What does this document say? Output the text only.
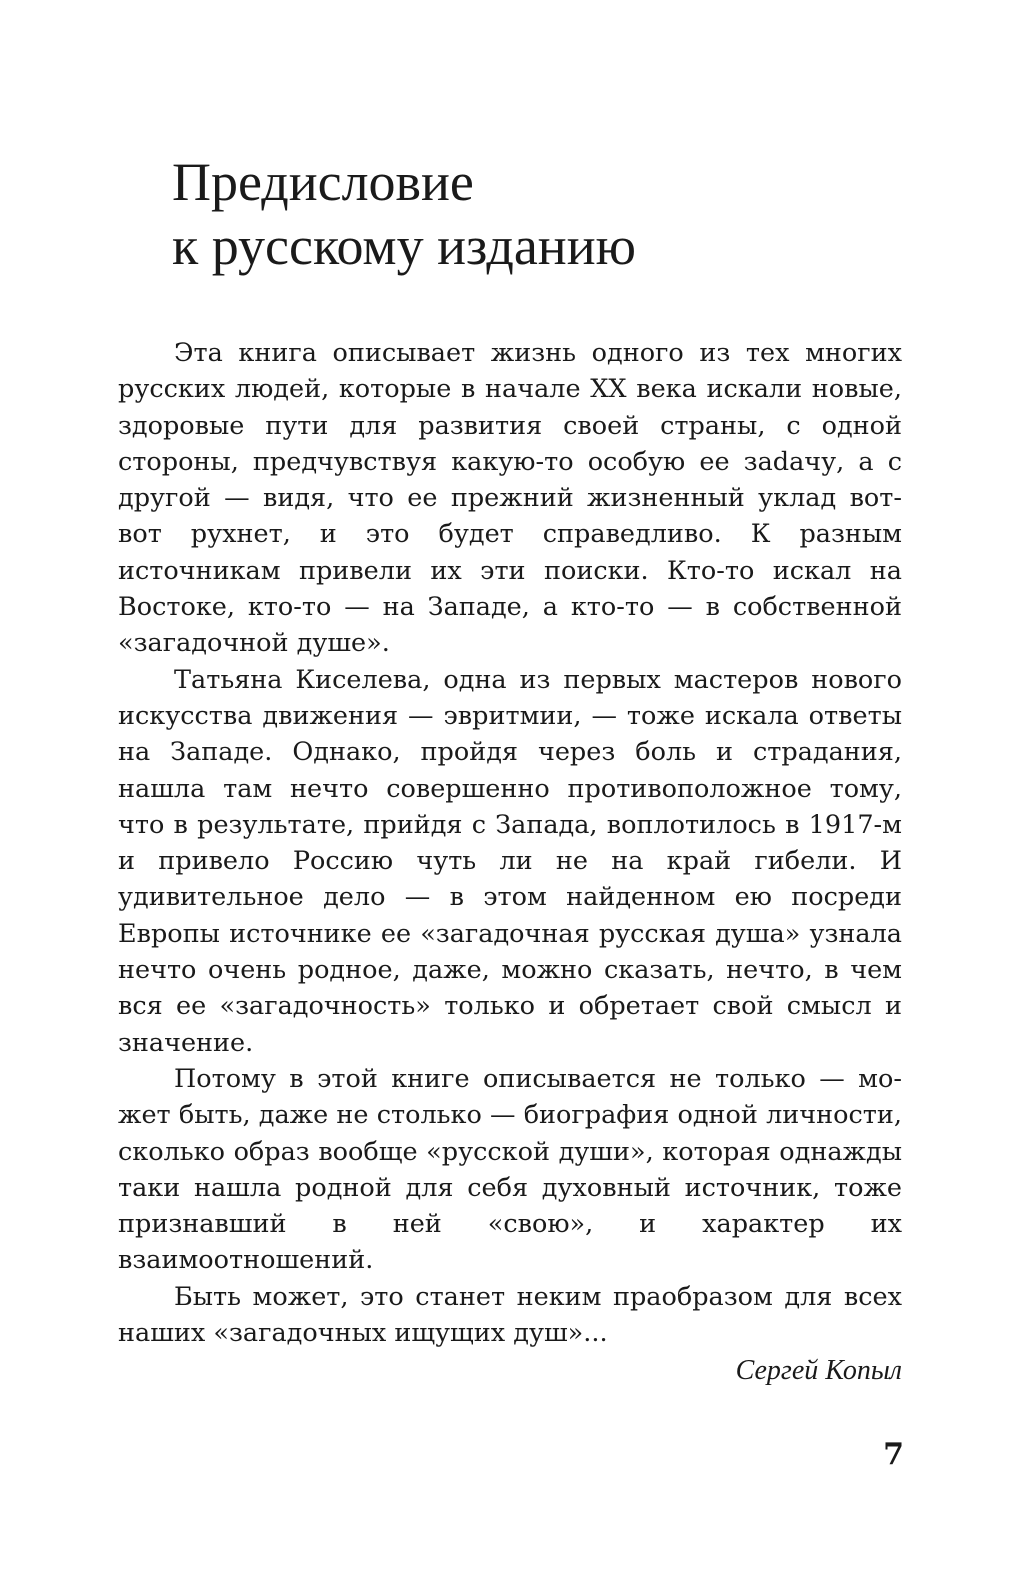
Предисловие
к русскому изданию

Эта книга описывает жизнь одного из тех многих русских людей, которые в начале XX века искали новые, здоровые пути для развития своей страны, с одной стороны, предчувствуя какую-то особую ее заdачу, а с другой — видя, что ее прежний жизненный уклад вот-вот рухнет, и это будет справедливо. К разным источникам привели их эти поиски. Кто-то искал на Востоке, кто-то — на Западе, а кто-то — в собственной «загадочной душе».

Татьяна Киселева, одна из первых мастеров нового искусства движения — эвритмии, — тоже искала ответы на Западе. Однако, пройдя через боль и страдания, нашла там нечто совершенно противоположное тому, что в результате, прийдя с Запада, воплотилось в 1917-м и привело Россию чуть ли не на край гибели. И удивительное дело — в этом найденном ею посреди Европы источнике ее «загадочная русская душа» узнала нечто очень родное, даже, можно сказать, нечто, в чем вся ее «загадочность» только и обретает свой смысл и значение.

Потому в этой книге описывается не только — может быть, даже не столько — биография одной личности, сколько образ вообще «русской души», которая однажды таки нашла родной для себя духовный источник, тоже признавший в ней «свою», и характер их взаимоотношений.

Быть может, это станет неким праобразом для всех наших «загадочных ищущих душ»...

Сергей Копыл

7
